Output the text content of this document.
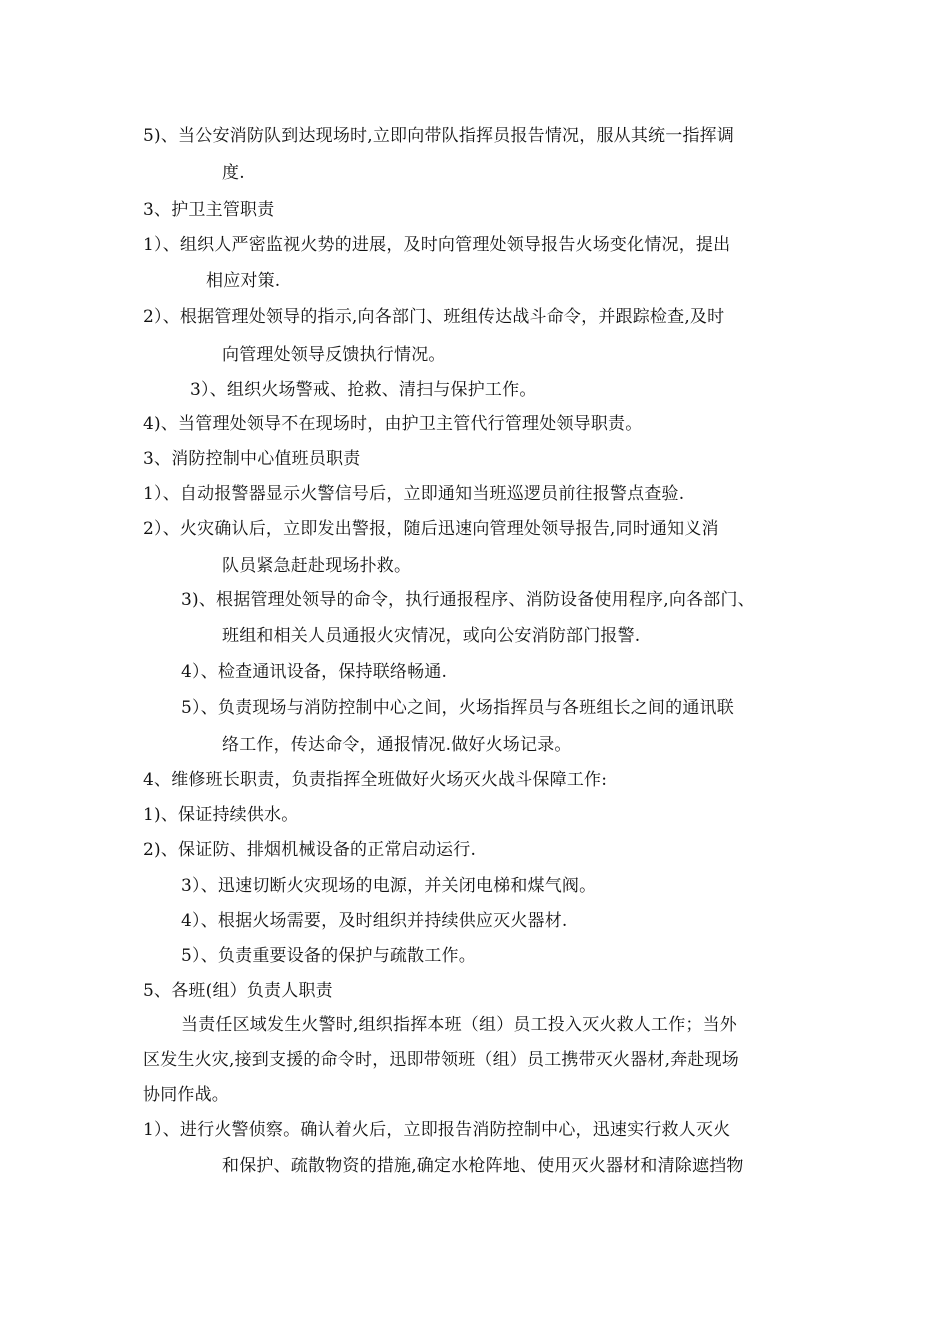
5)、当公安消防队到达现场时,立即向带队指挥员报告情况，服从其统一指挥调
度.
3、护卫主管职责
1）、组织人严密监视火势的进展，及时向管理处领导报告火场变化情况，提出
相应对策.
2）、根据管理处领导的指示,向各部门、班组传达战斗命令，并跟踪检查,及时
向管理处领导反馈执行情况。
3）、组织火场警戒、抢救、清扫与保护工作。
4)、当管理处领导不在现场时，由护卫主管代行管理处领导职责。
3、消防控制中心值班员职责
1）、自动报警器显示火警信号后，立即通知当班巡逻员前往报警点查验.
2）、火灾确认后，立即发出警报，随后迅速向管理处领导报告,同时通知义消
队员紧急赶赴现场扑救。
3)、根据管理处领导的命令，执行通报程序、消防设备使用程序,向各部门、
班组和相关人员通报火灾情况，或向公安消防部门报警.
4）、检查通讯设备，保持联络畅通.
5）、负责现场与消防控制中心之间，火场指挥员与各班组长之间的通讯联
络工作，传达命令，通报情况.做好火场记录。
4、维修班长职责，负责指挥全班做好火场灭火战斗保障工作:
1)、保证持续供水。
2)、保证防、排烟机械设备的正常启动运行.
3）、迅速切断火灾现场的电源，并关闭电梯和煤气阀。
4）、根据火场需要，及时组织并持续供应灭火器材.
5）、负责重要设备的保护与疏散工作。
5、各班(组）负责人职责
当责任区域发生火警时,组织指挥本班（组）员工投入灭火救人工作；当外
区发生火灾,接到支援的命令时，迅即带领班（组）员工携带灭火器材,奔赴现场
协同作战。
1）、进行火警侦察。确认着火后，立即报告消防控制中心，迅速实行救人灭火
和保护、疏散物资的措施,确定水枪阵地、使用灭火器材和清除遮挡物
